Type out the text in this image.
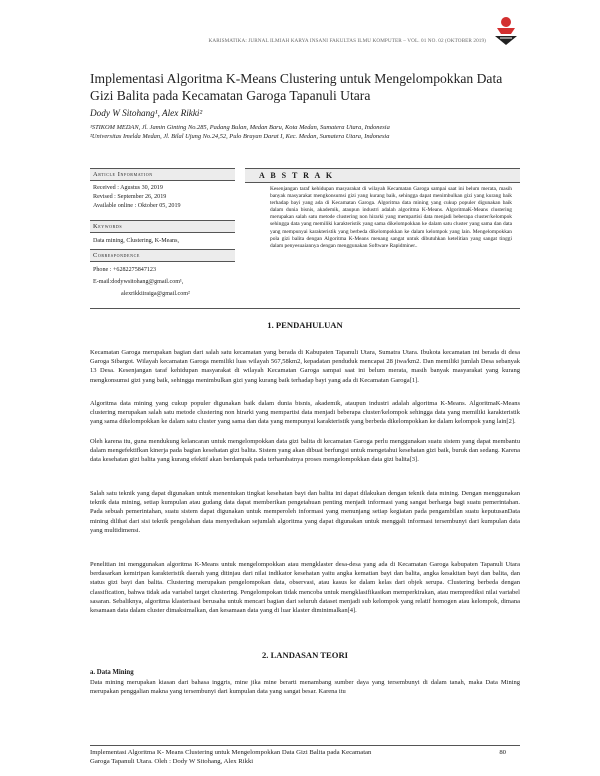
KARISMATIKA: JURNAL ILMIAH KARYA INSANI FAKULTAS ILMU KOMPUTER – VOL. 01 NO. 02 (OKTOBER 2019)
Implementasi Algoritma K-Means Clustering untuk Mengelompokkan Data Gizi Balita pada Kecamatan Garoga Tapanuli Utara
Dody W Sitohang¹, Alex Rikki²
¹STIKOM MEDAN, Jl. Jamin Ginting No.285, Padang Bulan, Medan Baru, Kota Medan, Sumatera Utara, Indonesia
²Universitas Imelda Medan, Jl. Bilal Ujung No.24,52, Pulo Brayan Darat I, Kec. Medan, Sumatera Utara, Indonesia
Article Information
Received : Agustus 30, 2019
Revised : September 26, 2019
Available online : Oktober 05, 2019
Keywords
Data mining, Clustering, K-Means,
Correspondence
Phone : +6282275847123
E-mail:dodywsitohang@gmail.com¹,
alexrikkiiraiga@gmail.com²
A B S T R A K
Kesenjangan taraf kehidupan masyarakat di wilayah Kecamatan Garoga sampai saat ini belum merata, masih banyak masyarakat mengkonsumsi gizi yang kurang baik, sehingga dapat menimbulkan gizi yang kurang baik terhadap bayi yang ada di Kecamatan Garoga. Algoritma data mining yang cukup populer digunakan baik dalam dunia bisnis, akademik, ataupun industri adalah algoritma K-Means. AlgoritmaK-Means clustering merupakan salah satu metode clustering non hirarki yang mempartisi data menjadi beberapa cluster/kelompok sehingga data yang memiliki karakteristik yang sama dikelompokkan ke dalam satu cluster yang sama dan data yang mempunyai karakteristik yang berbeda dikelompokkan ke dalam kelompok yang lain. Mengelompokkan pola gizi balita dengan Algoritma K-Means menang sangat untuk dibutuhkan ketelitian yang sangat tinggi dalam penyesuaiannya dengan menggunakan Software Rapidminer..
1. PENDAHULUAN
Kecamatan Garoga merupakan bagian dari salah satu kecamatan yang berada di Kabupaten Tapanuli Utara, Sumatra Utara. Ibukota kecamatan ini berada di desa Garoga Sibargot. Wilayah kecamatan Garoga memiliki luas wilayah 567,58km2, kepadatan penduduk mencapai 28 jiwa/km2. Dan memiliki jumlah Desa sebanyak 13 Desa. Kesenjangan taraf kehidupan masyarakat di wilayah Kecamatan Garoga sampai saat ini belum merata, masih banyak masyarakat yang kurang mengkonsumsi gizi yang baik, sehingga menimbulkan gizi yang kurang baik terhadap bayi yang ada di Kecamatan Garoga[1].
Algoritma data mining yang cukup populer digunakan baik dalam dunia bisnis, akademik, ataupun industri adalah algoritma K-Means. AlgoritmaK-Means clustering merupakan salah satu metode clustering non hirarki yang mempartisi data menjadi beberapa cluster/kelompok sehingga data yang memiliki karakteristik yang sama dikelompokkan ke dalam satu cluster yang sama dan data yang mempunyai karakteristik yang berbeda dikelompokkan ke dalam kelompok yang lain[2].
Oleh karena itu, guna mendukung kelancaran untuk mengelompokkan data gizi balita di kecamatan Garoga perlu menggunakan suatu sistem yang dapat membantu dalam mengefektifkan kinerja pada bagian kesehatan gizi balita. Sistem yang akan dibuat berfungsi untuk mengetahui kesehatan gizi baik, buruk dan sedang. Karena data kesehatan gizi balita yang kurang efektif akan berdampak pada terhambatnya proses mengelompokkan data gizi balita[3].
Salah satu teknik yang dapat digunakan untuk menentukan tingkat kesehatan bayi dan balita ini dapat dilakukan dengan teknik data mining. Dengan menggunakan teknik data mining, setiap kumpulan atau gudang data dapat memberikan pengetahuan penting menjadi informasi yang sangat berharga bagi suatu pemerintahan. Pada sebuah pemerintahan, suatu sistem dapat digunakan untuk memperoleh informasi yang menunjang setiap kegiatan pada pengambilan suatu keputusanData mining dilihat dari sisi teknik pengolahan data menyediakan sejumlah algoritma yang dapat digunakan untuk menggali informasi tersembunyi dari kumpulan data yang multidimensi.
Penelitian ini menggunakan algoritma K-Means untuk mengelompokkan atau mengklaster desa-desa yang ada di Kecamatan Garoga kabupaten Tapanuli Utara berdasarkan kemiripan karakteristik daerah yang ditinjau dari nilai indikator kesehatan yaitu angka kematian bayi dan balita, angka kesakitan bayi dan balita, dan status gizi bayi dan balita. Clustering merupakan pengelompokan data, observasi, atau kasus ke dalam kelas dari objek serupa. Clustering berbeda dengan classification, bahwa tidak ada variabel target clustering. Pengelompokan tidak mencoba untuk mengklasifikasikan memperkirakan, atau memprediksi nilai variabel sasaran. Sebaliknya, algoritma klasterisasi berusaha untuk mencari bagian dari seluruh dataset menjadi sub kelompok yang relatif homogen atau kelompok, dimana kesamaan data dalam cluster dimaksimalkan, dan kesamaan data yang di luar klaster diminimalkan[4].
2. LANDASAN TEORI
a. Data Mining
Data mining merupakan kiasan dari bahasa inggris, mine jika mine berarti menambang sumber daya yang tersembunyi di dalam tanah, maka Data Mining merupakan penggalian makna yang tersembunyi dari kumpulan data yang sangat besar. Karena itu
Implementasi Algoritma K- Means Clustering untuk Mengelompokkan Data Gizi Balita pada Kecamatan
Garoga Tapanuli Utara. Oleh : Dody W Sitohang, Alex Rikki
80
